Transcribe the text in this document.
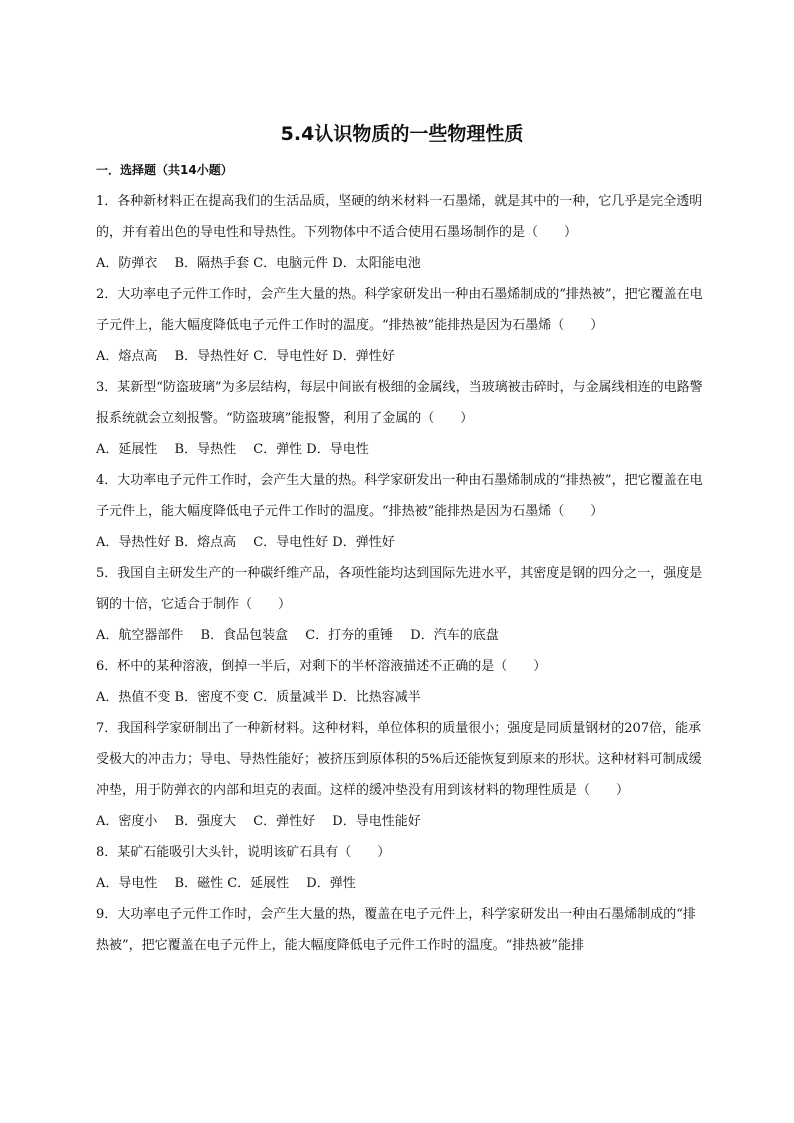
5.4认识物质的一些物理性质
一．选择题（共14小题）

1．各种新材料正在提高我们的生活品质，坚硬的纳米材料一石墨烯，就是其中的一种，它几乎是完全透明的，并有着出色的导电性和导热性。下列物体中不适合使用石墨场制作的是（　　）

A．防弹衣　 B．隔热手套 C．电脑元件 D．太阳能电池

2．大功率电子元件工作时，会产生大量的热。科学家研发出一种由石墨烯制成的“排热被”，把它覆盖在电子元件上，能大幅度降低电子元件工作时的温度。“排热被”能排热是因为石墨烯（　　）

A．熔点高　 B．导热性好 C．导电性好 D．弹性好

3．某新型“防盗玻璃”为多层结构，每层中间嵌有极细的金属线，当玻璃被击碎时，与金属线相连的电路警报系统就会立刻报警。“防盗玻璃”能报警，利用了金属的（　　）

A．延展性　 B．导热性　 C．弹性 D．导电性

4．大功率电子元件工作时，会产生大量的热。科学家研发出一种由石墨烯制成的“排热被”，把它覆盖在电子元件上，能大幅度降低电子元件工作时的温度。“排热被”能排热是因为石墨烯（　　）

A．导热性好 B．熔点高　 C．导电性好 D．弹性好

5．我国自主研发生产的一种碳纤维产品，各项性能均达到国际先进水平，其密度是钢的四分之一，强度是钢的十倍，它适合于制作（　　）

A．航空器部件　 B．食品包装盒　 C．打夯的重锤　 D．汽车的底盘

6．杯中的某种溶液，倒掉一半后，对剩下的半杯溶液描述不正确的是（　　）

A．热值不变 B．密度不变 C．质量减半 D．比热容减半

7．我国科学家研制出了一种新材料。这种材料，单位体积的质量很小；强度是同质量钢材的207倍，能承受极大的冲击力；导电、导热性能好；被挤压到原体积的5%后还能恢复到原来的形状。这种材料可制成缓冲垫，用于防弹衣的内部和坦克的表面。这样的缓冲垫没有用到该材料的物理性质是（　　）

A．密度小　 B．强度大　 C．弹性好　 D．导电性能好

8．某矿石能吸引大头针，说明该矿石具有（　　）

A．导电性　 B．磁性 C．延展性　 D．弹性

9．大功率电子元件工作时，会产生大量的热，覆盖在电子元件上，科学家研发出一种由石墨烯制成的“排热被”，把它覆盖在电子元件上，能大幅度降低电子元件工作时的温度。“排热被”能排
